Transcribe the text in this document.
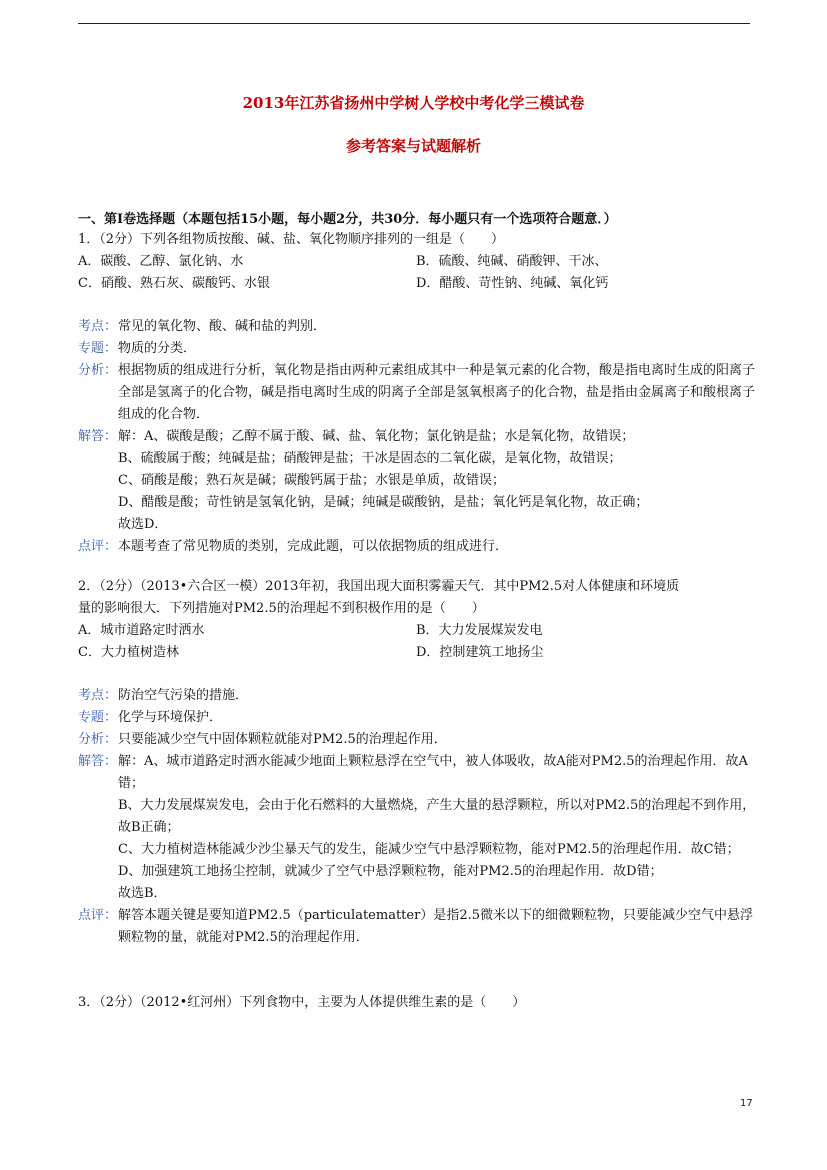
2013年江苏省扬州中学树人学校中考化学三模试卷
参考答案与试题解析
一、第Ⅰ卷选择题（本题包括15小题，每小题2分，共30分．每小题只有一个选项符合题意．）
1．（2分）下列各组物质按酸、碱、盐、氧化物顺序排列的一组是（　　）
A．碳酸、乙醇、氯化钠、水	B．硫酸、纯碱、硝酸钾、干冰、
C．硝酸、熟石灰、碳酸钙、水银	D．醋酸、苛性钠、纯碱、氧化钙
考点： 常见的氧化物、酸、碱和盐的判别．
专题： 物质的分类．
分析： 根据物质的组成进行分析，氧化物是指由两种元素组成其中一种是氧元素的化合物，酸是指电离时生成的阳离子全部是氢离子的化合物，碱是指电离时生成的阴离子全部是氢氧根离子的化合物，盐是指由金属离子和酸根离子组成的化合物．
解答： 解：A、碳酸是酸；乙醇不属于酸、碱、盐、氧化物；氯化钠是盐；水是氧化物，故错误；
B、硫酸属于酸；纯碱是盐；硝酸钾是盐；干冰是固态的二氧化碳，是氧化物，故错误；
C、硝酸是酸；熟石灰是碱；碳酸钙属于盐；水银是单质，故错误；
D、醋酸是酸；苛性钠是氢氧化钠，是碱；纯碱是碳酸钠，是盐；氧化钙是氧化物，故正确；
故选D．
点评： 本题考查了常见物质的类别，完成此题，可以依据物质的组成进行．
2．（2分）（2013•六合区一模）2013年初，我国出现大面积雾霾天气．其中PM2.5对人体健康和环境质
量的影响很大．下列措施对PM2.5的治理起不到积极作用的是（　　）
A．城市道路定时洒水	B．大力发展煤炭发电
C．大力植树造林	D．控制建筑工地扬尘
考点： 防治空气污染的措施．
专题： 化学与环境保护．
分析： 只要能减少空气中固体颗粒就能对PM2.5的治理起作用．
解答： 解：A、城市道路定时洒水能减少地面上颗粒悬浮在空气中，被人体吸收，故A能对PM2.5的治理起作用．故A错；
B、大力发展煤炭发电，会由于化石燃料的大量燃烧，产生大量的悬浮颗粒，所以对PM2.5的治理起不到作用，故B正确；
C、大力植树造林能减少沙尘暴天气的发生，能减少空气中悬浮颗粒物，能对PM2.5的治理起作用．故C错；
D、加强建筑工地扬尘控制，就减少了空气中悬浮颗粒物，能对PM2.5的治理起作用．故D错；
故选B．
点评： 解答本题关键是要知道PM2.5（particulatematter）是指2.5微米以下的细微颗粒物，只要能减少空气中悬浮颗粒物的量，就能对PM2.5的治理起作用．
3．（2分）（2012•红河州）下列食物中，主要为人体提供维生素的是（　　）
17
